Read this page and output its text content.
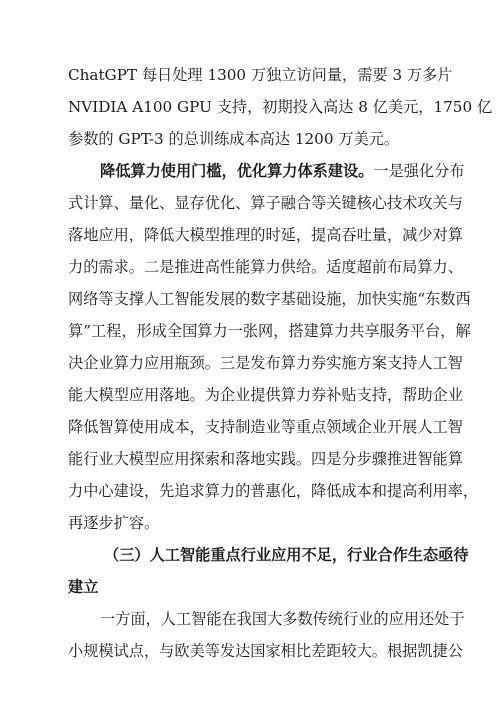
ChatGPT 每日处理 1300 万独立访问量，需要 3 万多片
NVIDIA A100 GPU 支持，初期投入高达 8 亿美元，1750 亿
参数的 GPT-3 的总训练成本高达 1200 万美元。
降低算力使用门槛，优化算力体系建设。一是强化分布
式计算、量化、显存优化、算子融合等关键核心技术攻关与
落地应用，降低大模型推理的时延，提高吞吐量，减少对算
力的需求。二是推进高性能算力供给。适度超前布局算力、
网络等支撑人工智能发展的数字基础设施，加快实施“东数西
算”工程，形成全国算力一张网，搭建算力共享服务平台，解
决企业算力应用瓶颈。三是发布算力券实施方案支持人工智
能大模型应用落地。为企业提供算力券补贴支持，帮助企业
降低智算使用成本，支持制造业等重点领域企业开展人工智
能行业大模型应用探索和落地实践。四是分步骤推进智能算
力中心建设，先追求算力的普惠化，降低成本和提高利用率，
再逐步扩容。
（三）人工智能重点行业应用不足，行业合作生态亟待
建立
一方面，人工智能在我国大多数传统行业的应用还处于
小规模试点，与欧美等发达国家相比差距较大。根据凯捷公
